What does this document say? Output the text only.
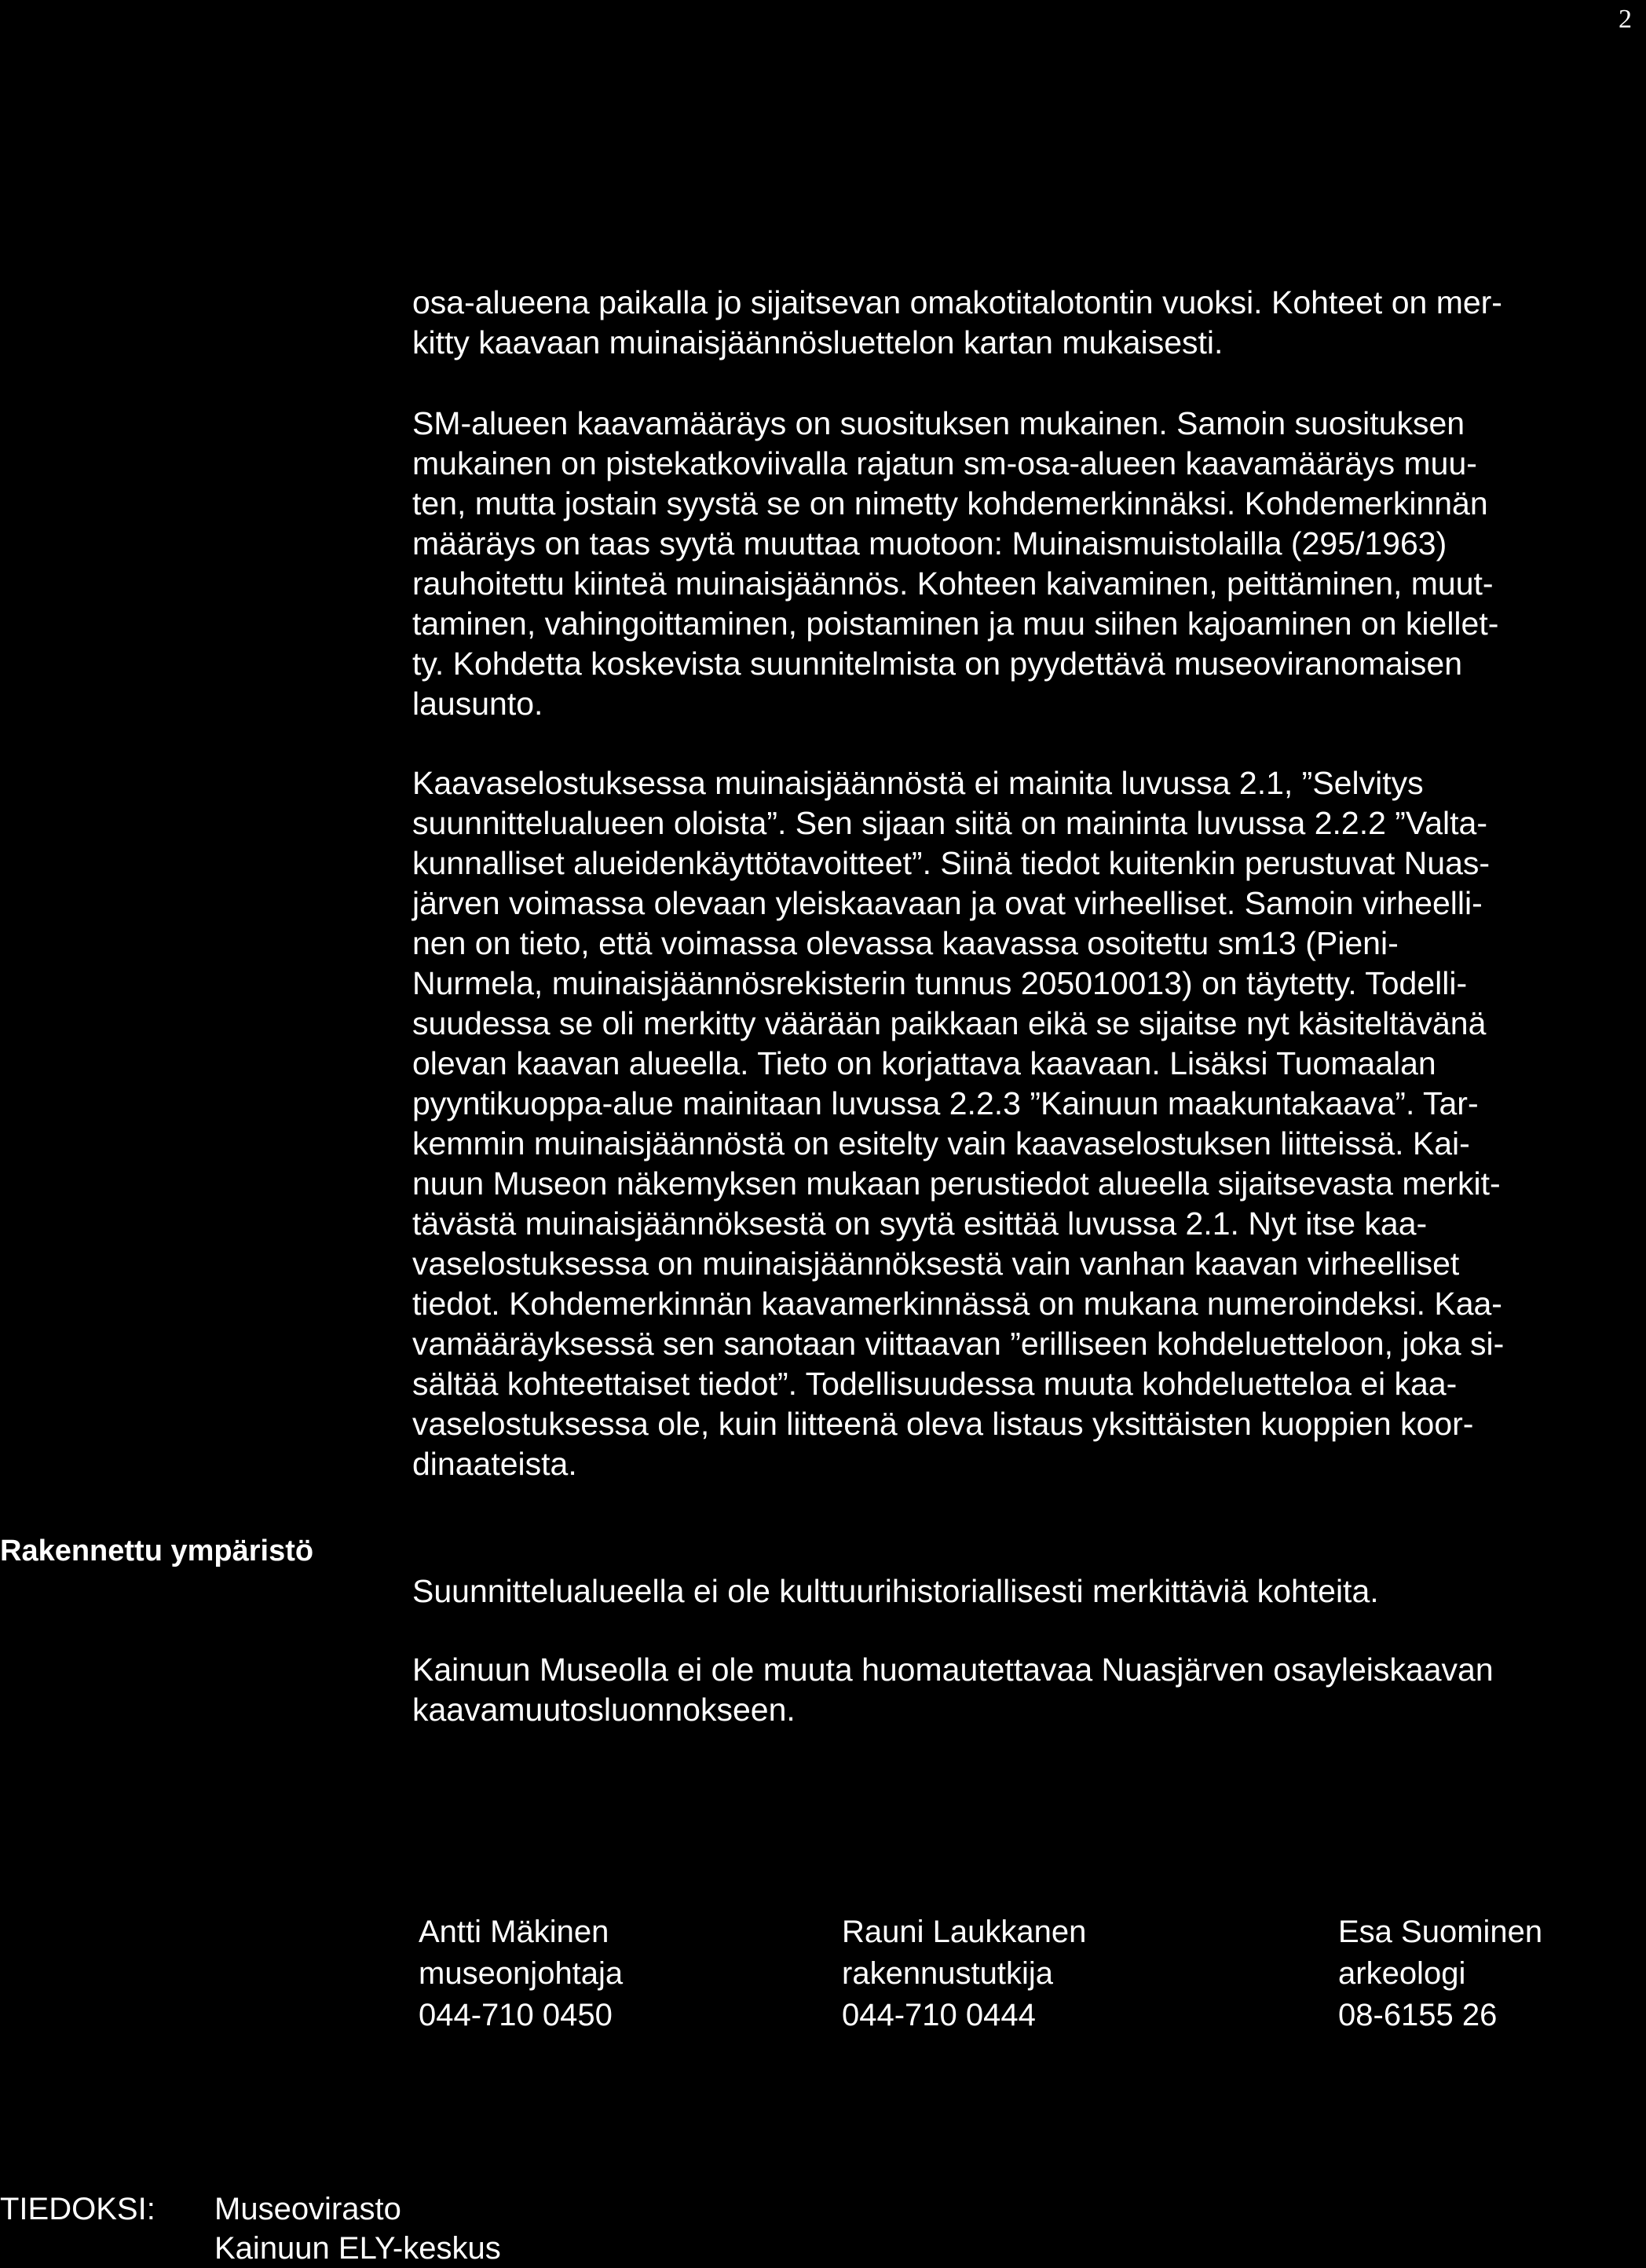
2

osa-alueena paikalla jo sijaitsevan omakotitalotontin vuoksi. Kohteet on mer-
kitty kaavaan muinaisjäännösluettelon kartan mukaisesti.

SM-alueen kaavamääräys on suosituksen mukainen. Samoin suosituksen
mukainen on pistekatkoviivalla rajatun sm-osa-alueen kaavamääräys muu-
ten, mutta jostain syystä se on nimetty kohdemerkinnäksi. Kohdemerkinnän
määräys on taas syytä muuttaa muotoon: Muinaismuistolailla (295/1963)
rauhoitettu kiinteä muinaisjäännös. Kohteen kaivaminen, peittäminen, muut-
taminen, vahingoittaminen, poistaminen ja muu siihen kajoaminen on kiellet-
ty. Kohdetta koskevista suunnitelmista on pyydettävä museoviranomaisen
lausunto.

Kaavaselostuksessa muinaisjäännöstä ei mainita luvussa 2.1, ”Selvitys
suunnittelualueen oloista”. Sen sijaan siitä on maininta luvussa 2.2.2 ”Valta-
kunnalliset alueidenkäyttötavoitteet”. Siinä tiedot kuitenkin perustuvat Nuas-
järven voimassa olevaan yleiskaavaan ja ovat virheelliset. Samoin virheelli-
nen on tieto, että voimassa olevassa kaavassa osoitettu sm13 (Pieni-
Nurmela, muinaisjäännösrekisterin tunnus 205010013) on täytetty. Todelli-
suudessa se oli merkitty väärään paikkaan eikä se sijaitse nyt käsiteltävänä
olevan kaavan alueella. Tieto on korjattava kaavaan. Lisäksi Tuomaalan
pyyntikuoppa-alue mainitaan luvussa 2.2.3 ”Kainuun maakuntakaava”. Tar-
kemmin muinaisjäännöstä on esitelty vain kaavaselostuksen liitteissä. Kai-
nuun Museon näkemyksen mukaan perustiedot alueella sijaitsevasta merkit-
tävästä muinaisjäännöksestä on syytä esittää luvussa 2.1. Nyt itse kaa-
vaselostuksessa on muinaisjäännöksestä vain vanhan kaavan virheelliset
tiedot. Kohdemerkinnän kaavamerkinnässä on mukana numeroindeksi. Kaa-
vamääräyksessä sen sanotaan viittaavan ”erilliseen kohdeluetteloon, joka si-
sältää kohteettaiset tiedot”. Todellisuudessa muuta kohdeluetteloa ei kaa-
vaselostuksessa ole, kuin liitteenä oleva listaus yksittäisten kuoppien koor-
dinaateista.

Rakennettu ympäristö

Suunnittelualueella ei ole kulttuurihistoriallisesti merkittäviä kohteita.

Kainuun Museolla ei ole muuta huomautettavaa Nuasjärven osayleiskaavan
kaavamuutosluonnokseen.

Antti Mäkinen
museonjohtaja
044-710 0450
Rauni Laukkanen
rakennustutkija
044-710 0444
Esa Suominen
arkeologi
08-6155 26
TIEDOKSI: Museovirasto
Kainuun ELY-keskus
